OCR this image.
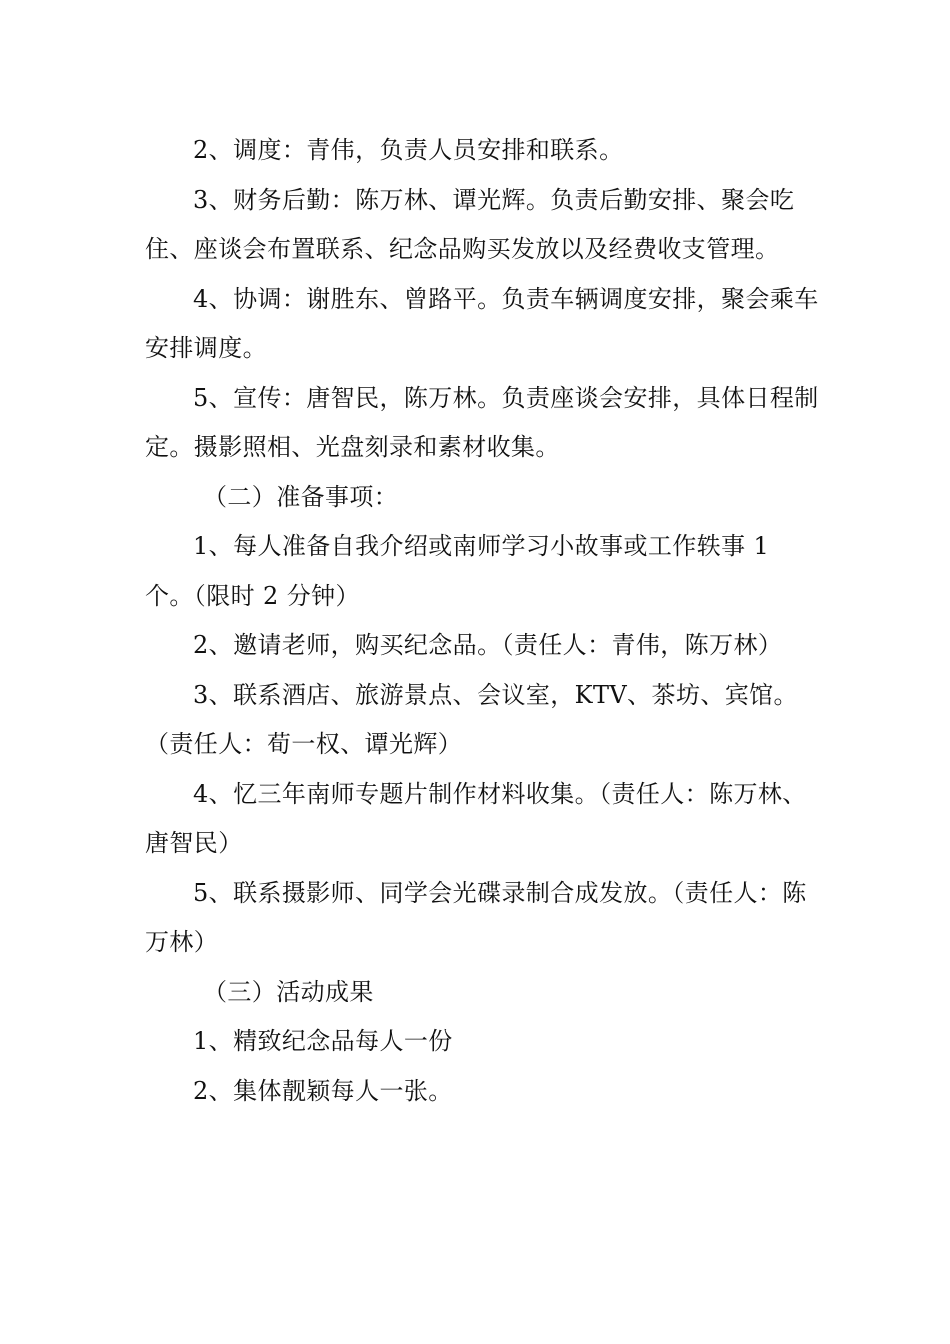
2、调度：青伟，负责人员安排和联系。

3、财务后勤：陈万林、谭光辉。负责后勤安排、聚会吃住、座谈会布置联系、纪念品购买发放以及经费收支管理。

4、协调：谢胜东、曾路平。负责车辆调度安排，聚会乘车安排调度。

5、宣传：唐智民，陈万林。负责座谈会安排，具体日程制定。摄影照相、光盘刻录和素材收集。

（二）准备事项：

1、每人准备自我介绍或南师学习小故事或工作轶事 1 个。（限时 2 分钟）

2、邀请老师，购买纪念品。（责任人：青伟，陈万林）

3、联系酒店、旅游景点、会议室，KTV、茶坊、宾馆。（责任人：荀一权、谭光辉）

4、忆三年南师专题片制作材料收集。（责任人：陈万林、唐智民）

5、联系摄影师、同学会光碟录制合成发放。（责任人：陈万林）

（三）活动成果

1、精致纪念品每人一份

2、集体靓颖每人一张。
